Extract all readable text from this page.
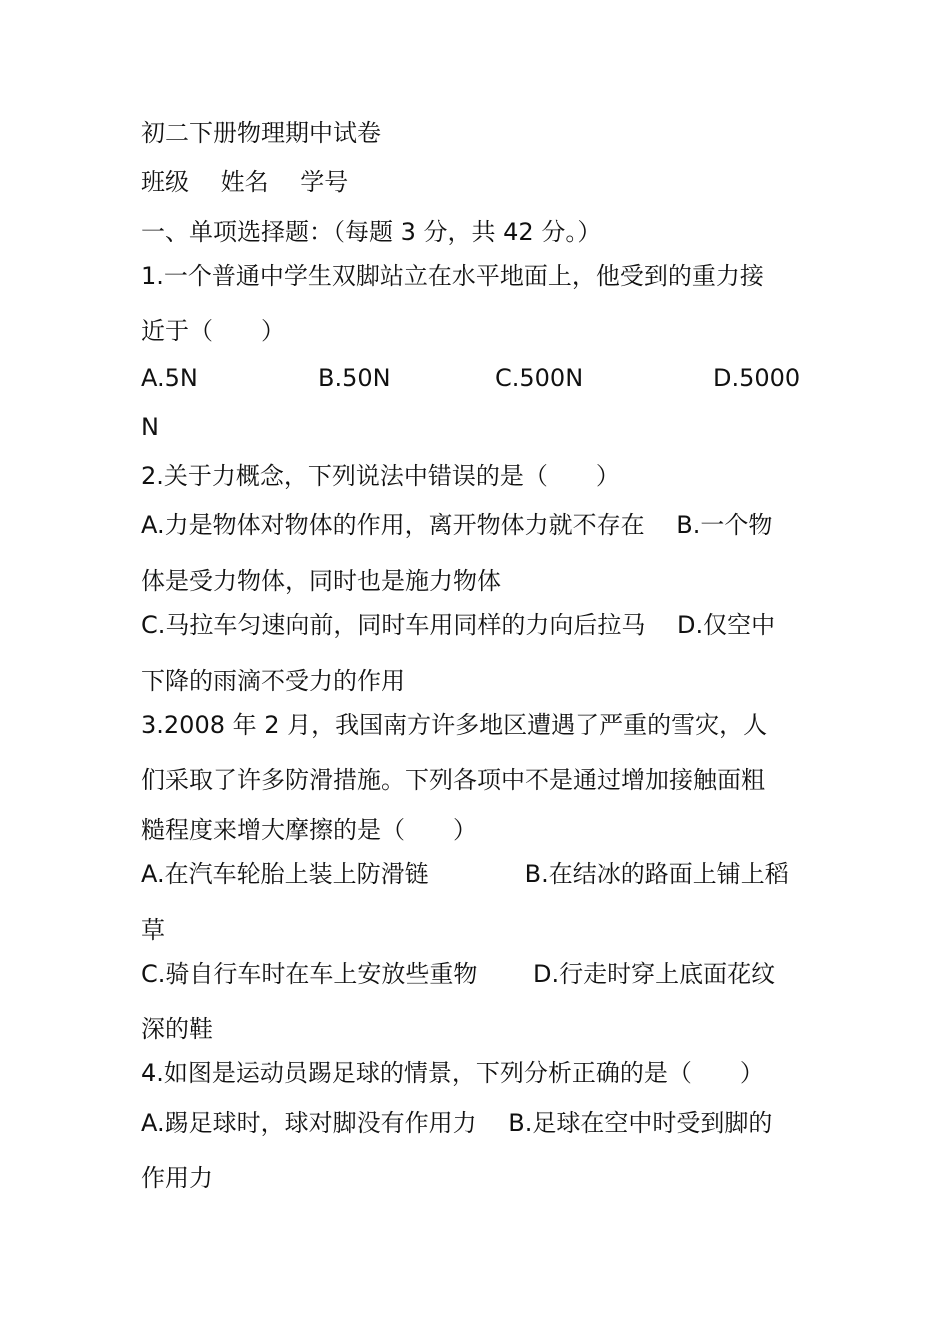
初二下册物理期中试卷
班级　 姓名　 学号
一、单项选择题：（每题 3 分，共 42 分。）
1.一个普通中学生双脚站立在水平地面上，他受到的重力接
近于（　　）
A.5N	B.50N	C.500N	D.5000
N
2.关于力概念，下列说法中错误的是（　　）
A.力是物体对物体的作用，离开物体力就不存在　 B.一个物
体是受力物体，同时也是施力物体
C.马拉车匀速向前，同时车用同样的力向后拉马　 D.仅空中
下降的雨滴不受力的作用
3.2008 年 2 月，我国南方许多地区遭遇了严重的雪灾，人
们采取了许多防滑措施。下列各项中不是通过增加接触面粗
糙程度来增大摩擦的是（　　）
A.在汽车轮胎上装上防滑链　　　　B.在结冰的路面上铺上稻
草
C.骑自行车时在车上安放些重物　　 D.行走时穿上底面花纹
深的鞋
4.如图是运动员踢足球的情景，下列分析正确的是（　　）
A.踢足球时，球对脚没有作用力　 B.足球在空中时受到脚的
作用力
